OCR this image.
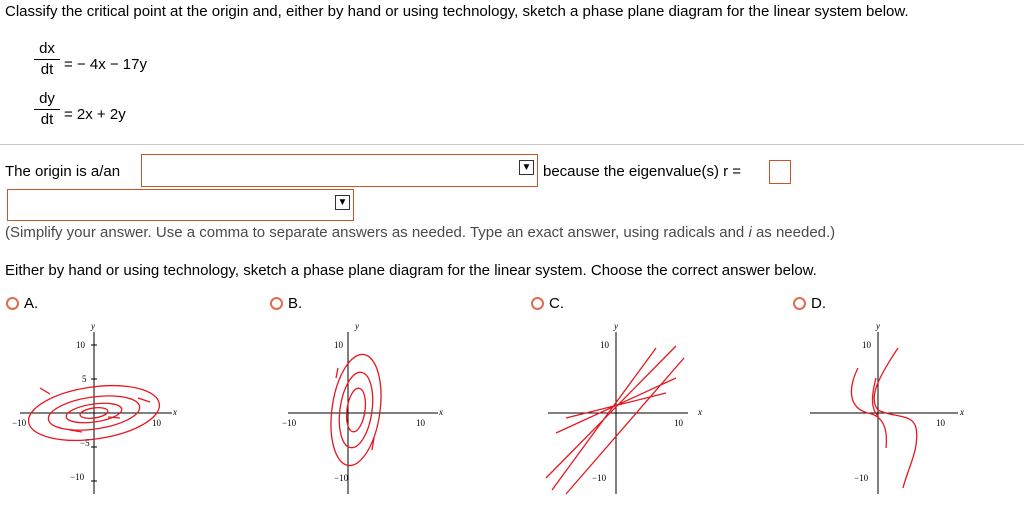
Classify the critical point at the origin and, either by hand or using technology, sketch a phase plane diagram for the linear system below.
dx
dt = − 4x − 17y
dy
dt = 2x + 2y
The origin is a/an	▼ because the eigenvalue(s) r =
▼
(Simplify your answer. Use a comma to separate answers as needed. Type an exact answer, using radicals and i as needed.)
Either by hand or using technology, sketch a phase plane diagram for the linear system. Choose the correct answer below.
A.	B.	C.	D.
y
x
10
5
−5
−10
−10	10
y
x
10
−10
−10	10
y
x
10
−10
10
y
x
10
−10
10
